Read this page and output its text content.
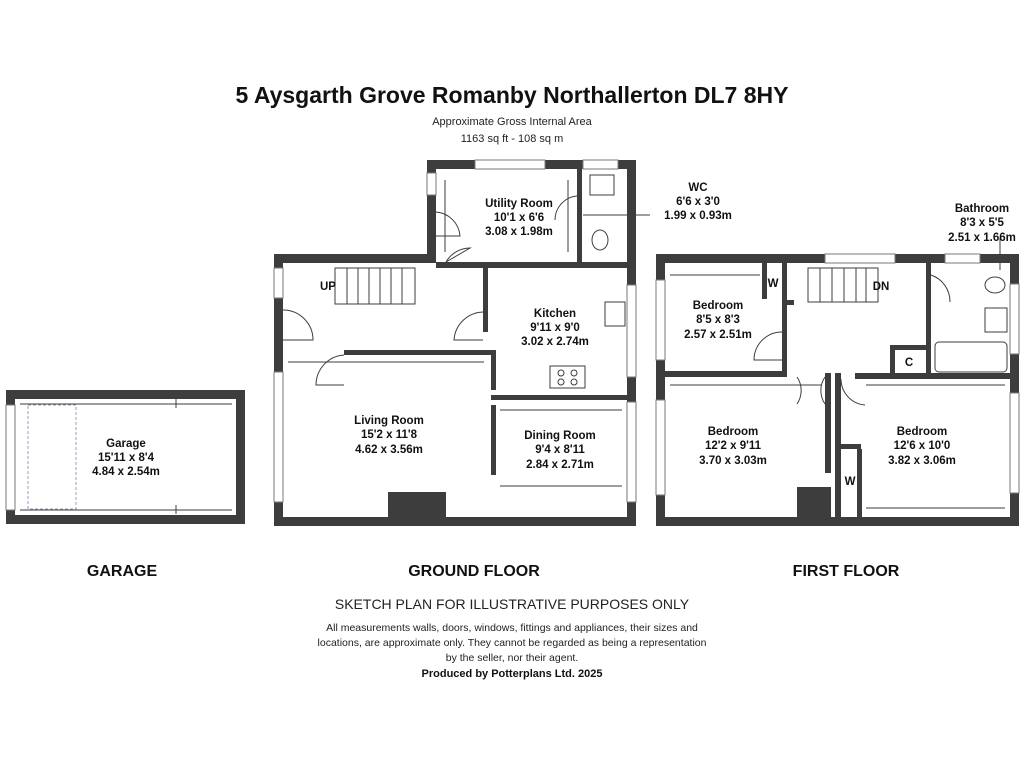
5 Aysgarth Grove Romanby Northallerton DL7 8HY
Approximate Gross Internal Area
1163 sq ft - 108 sq m
Garage
15'11 x 8'4
4.84 x 2.54m
Utility Room
10'1 x 6'6
3.08 x 1.98m
WC
6'6 x 3'0
1.99 x 0.93m
Kitchen
9'11 x 9'0
3.02 x 2.74m
Living Room
15'2 x 11'8
4.62 x 3.56m
Dining Room
9'4 x 8'11
2.84 x 2.71m
Bathroom
8'3 x 5'5
2.51 x 1.66m
Bedroom
8'5 x 8'3
2.57 x 2.51m
Bedroom
12'2 x 9'11
3.70 x 3.03m
Bedroom
12'6 x 10'0
3.82 x 3.06m
UP	DN
W
W
C
GARAGE	GROUND FLOOR	FIRST FLOOR
SKETCH PLAN FOR ILLUSTRATIVE PURPOSES ONLY
All measurements walls, doors, windows, fittings and appliances, their sizes and locations, are approximate only. They cannot be regarded as being a representation by the seller, nor their agent.
Produced by Potterplans Ltd. 2025
